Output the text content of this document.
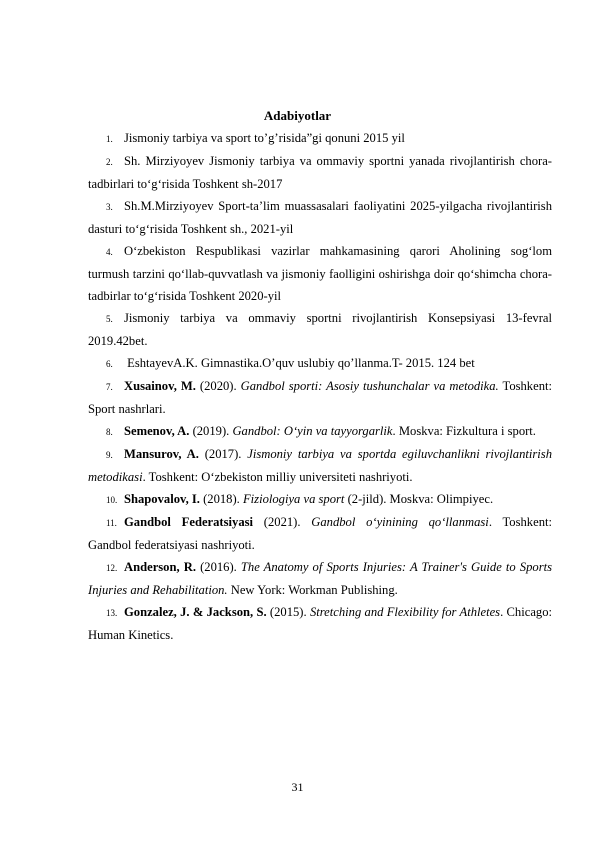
Adabiyotlar

1. Jismoniy tarbiya va sport to’g’risida”gi qonuni 2015 yil

2. Sh. Mirziyoyev Jismoniy tarbiya va ommaviy sportni yanada rivojlantirish chora-tadbirlari to‘g‘risida Toshkent sh-2017

3. Sh.M.Mirziyoyev Sport-ta’lim muassasalari faoliyatini 2025-yilgacha rivojlantirish dasturi to‘g‘risida Toshkent sh., 2021-yil

4. O‘zbekiston Respublikasi vazirlar mahkamasining qarori Aholining sog‘lom turmush tarzini qo‘llab-quvvatlash va jismoniy faolligini oshirishga doir qo‘shimcha chora-tadbirlar to‘g‘risida Toshkent 2020-yil

5. Jismoniy tarbiya va ommaviy sportni rivojlantirish Konsepsiyasi 13-fevral 2019.42bet.

6. EshtayevA.K. Gimnastika.O’quv uslubiy qo’llanma.T- 2015. 124 bet

7. Xusainov, M. (2020). Gandbol sporti: Asosiy tushunchalar va metodika. Toshkent: Sport nashrlari.

8. Semenov, A. (2019). Gandbol: O‘yin va tayyorgarlik. Moskva: Fizkultura i sport.

9. Mansurov, A. (2017). Jismoniy tarbiya va sportda egiluvchanlikni rivojlantirish metodikasi. Toshkent: O‘zbekiston milliy universiteti nashriyoti.

10. Shapovalov, I. (2018). Fiziologiya va sport (2-jild). Moskva: Olimpiyec.

11. Gandbol Federatsiyasi (2021). Gandbol o‘yinining qo‘llanmasi. Toshkent: Gandbol federatsiyasi nashriyoti.

12. Anderson, R. (2016). The Anatomy of Sports Injuries: A Trainer's Guide to Sports Injuries and Rehabilitation. New York: Workman Publishing.

13. Gonzalez, J. & Jackson, S. (2015). Stretching and Flexibility for Athletes. Chicago: Human Kinetics.

31
